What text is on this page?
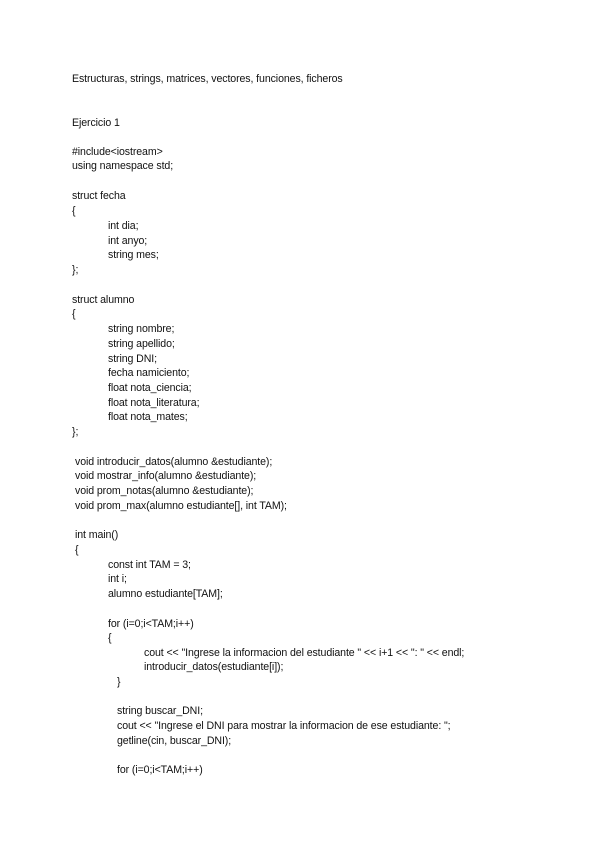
Estructuras, strings, matrices, vectores, funciones, ficheros
Ejercicio 1
#include<iostream>
using namespace std;
struct fecha
{
int dia;
int anyo;
string mes;
};
struct alumno
{
string nombre;
string apellido;
string DNI;
fecha namiciento;
float nota_ciencia;
float nota_literatura;
float nota_mates;
};
void introducir_datos(alumno &estudiante);
void mostrar_info(alumno &estudiante);
void prom_notas(alumno &estudiante);
void prom_max(alumno estudiante[], int TAM);
int main()
{
const int TAM = 3;
int i;
alumno estudiante[TAM];
for (i=0;i<TAM;i++)
{
cout << "Ingrese la informacion del estudiante " << i+1 << ": " << endl;
introducir_datos(estudiante[i]);
}
string buscar_DNI;
cout << "Ingrese el DNI para mostrar la informacion de ese estudiante: ";
getline(cin, buscar_DNI);
for (i=0;i<TAM;i++)
